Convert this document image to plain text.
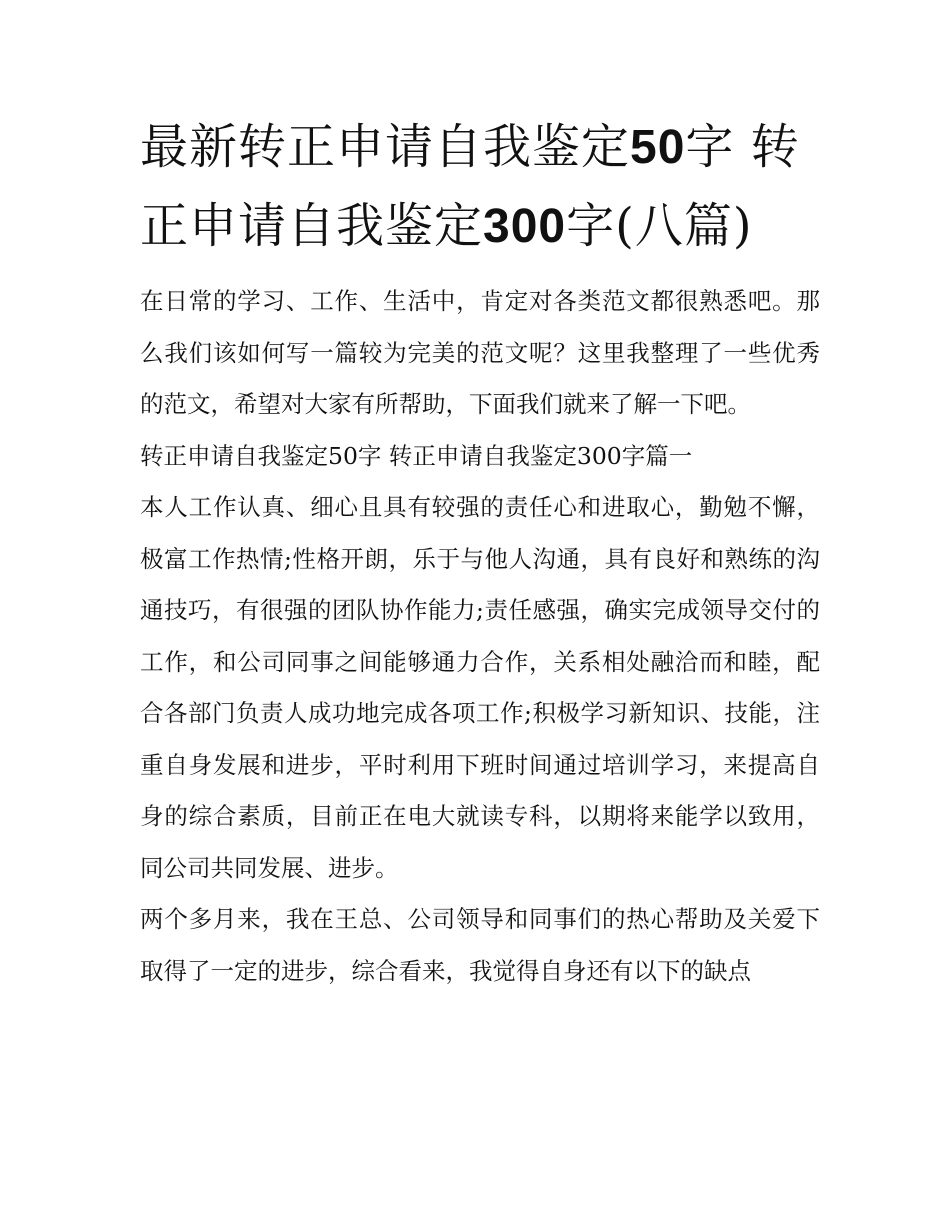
最新转正申请自我鉴定50字 转正申请自我鉴定300字(八篇)

在日常的学习、工作、生活中，肯定对各类范文都很熟悉吧。那么我们该如何写一篇较为完美的范文呢？这里我整理了一些优秀的范文，希望对大家有所帮助，下面我们就来了解一下吧。

转正申请自我鉴定50字 转正申请自我鉴定300字篇一

本人工作认真、细心且具有较强的责任心和进取心，勤勉不懈，极富工作热情;性格开朗，乐于与他人沟通，具有良好和熟练的沟通技巧，有很强的团队协作能力;责任感强，确实完成领导交付的工作，和公司同事之间能够通力合作，关系相处融洽而和睦，配合各部门负责人成功地完成各项工作;积极学习新知识、技能，注重自身发展和进步，平时利用下班时间通过培训学习，来提高自身的综合素质，目前正在电大就读专科，以期将来能学以致用，同公司共同发展、进步。

两个多月来，我在王总、公司领导和同事们的热心帮助及关爱下取得了一定的进步，综合看来，我觉得自身还有以下的缺点
